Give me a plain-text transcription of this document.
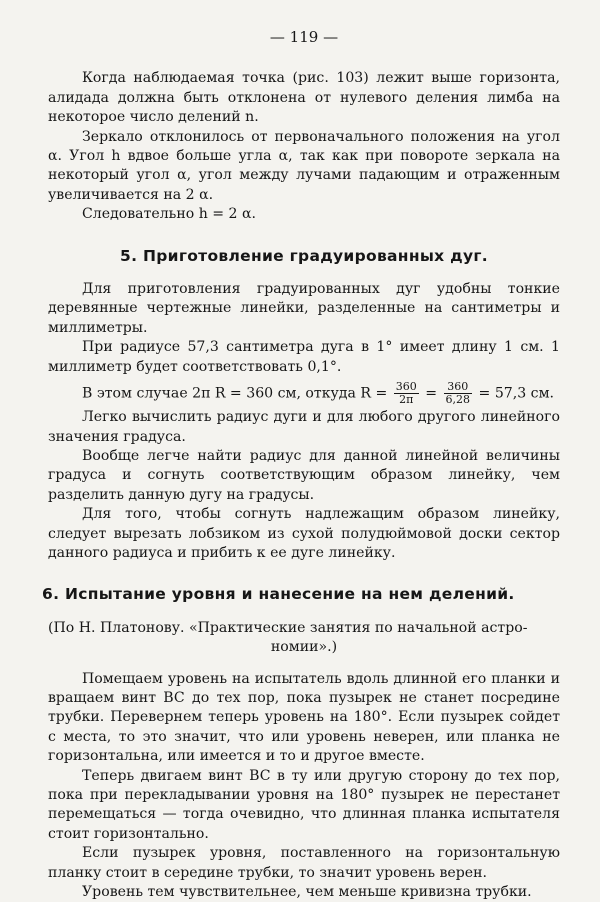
— 119 —

Когда наблюдаемая точка (рис. 103) лежит выше горизонта, алидада должна быть отклонена от нулевого деления лимба на некоторое число делений n.

Зеркало отклонилось от первоначального положения на угол α. Угол h вдвое больше угла α, так как при повороте зеркала на некоторый угол α, угол между лучами падающим и отраженным увеличивается на 2 α.

Следовательно h = 2 α.

5. Приготовление градуированных дуг.

Для приготовления градуированных дуг удобны тонкие деревянные чертежные линейки, разделенные на сантиметры и миллиметры.

При радиусе 57,3 сантиметра дуга в 1° имеет длину 1 см. 1 миллиметр будет соответствовать 0,1°.

В этом случае 2π R = 360 см, откуда $R = \frac{360}{2\pi} = \frac{360}{6,28} = 57,3$ см.

Легко вычислить радиус дуги и для любого другого линейного значения градуса.

Вообще легче найти радиус для данной линейной величины градуса и согнуть соответствующим образом линейку, чем разделить данную дугу на градусы.

Для того, чтобы согнуть надлежащим образом линейку, следует вырезать лобзиком из сухой полудюймовой доски сектор данного радиуса и прибить к ее дуге линейку.

6. Испытание уровня и нанесение на нем делений.
(По Н. Платонову. «Практические занятия по начальной астро-
номии».)

Помещаем уровень на испытатель вдоль длинной его планки и вращаем винт BC до тех пор, пока пузырек не станет посредине трубки. Перевернем теперь уровень на 180°. Если пузырек сойдет с места, то это значит, что или уровень неверен, или планка не горизонтальна, или имеется и то и другое вместе.

Теперь двигаем винт BC в ту или другую сторону до тех пор, пока при перекладывании уровня на 180° пузырек не перестанет перемещаться — тогда очевидно, что длинная планка испытателя стоит горизонтально.

Если пузырек уровня, поставленного на горизонтальную планку стоит в середине трубки, то значит уровень верен.

Уровень тем чувствительнее, чем меньше кривизна трубки.
